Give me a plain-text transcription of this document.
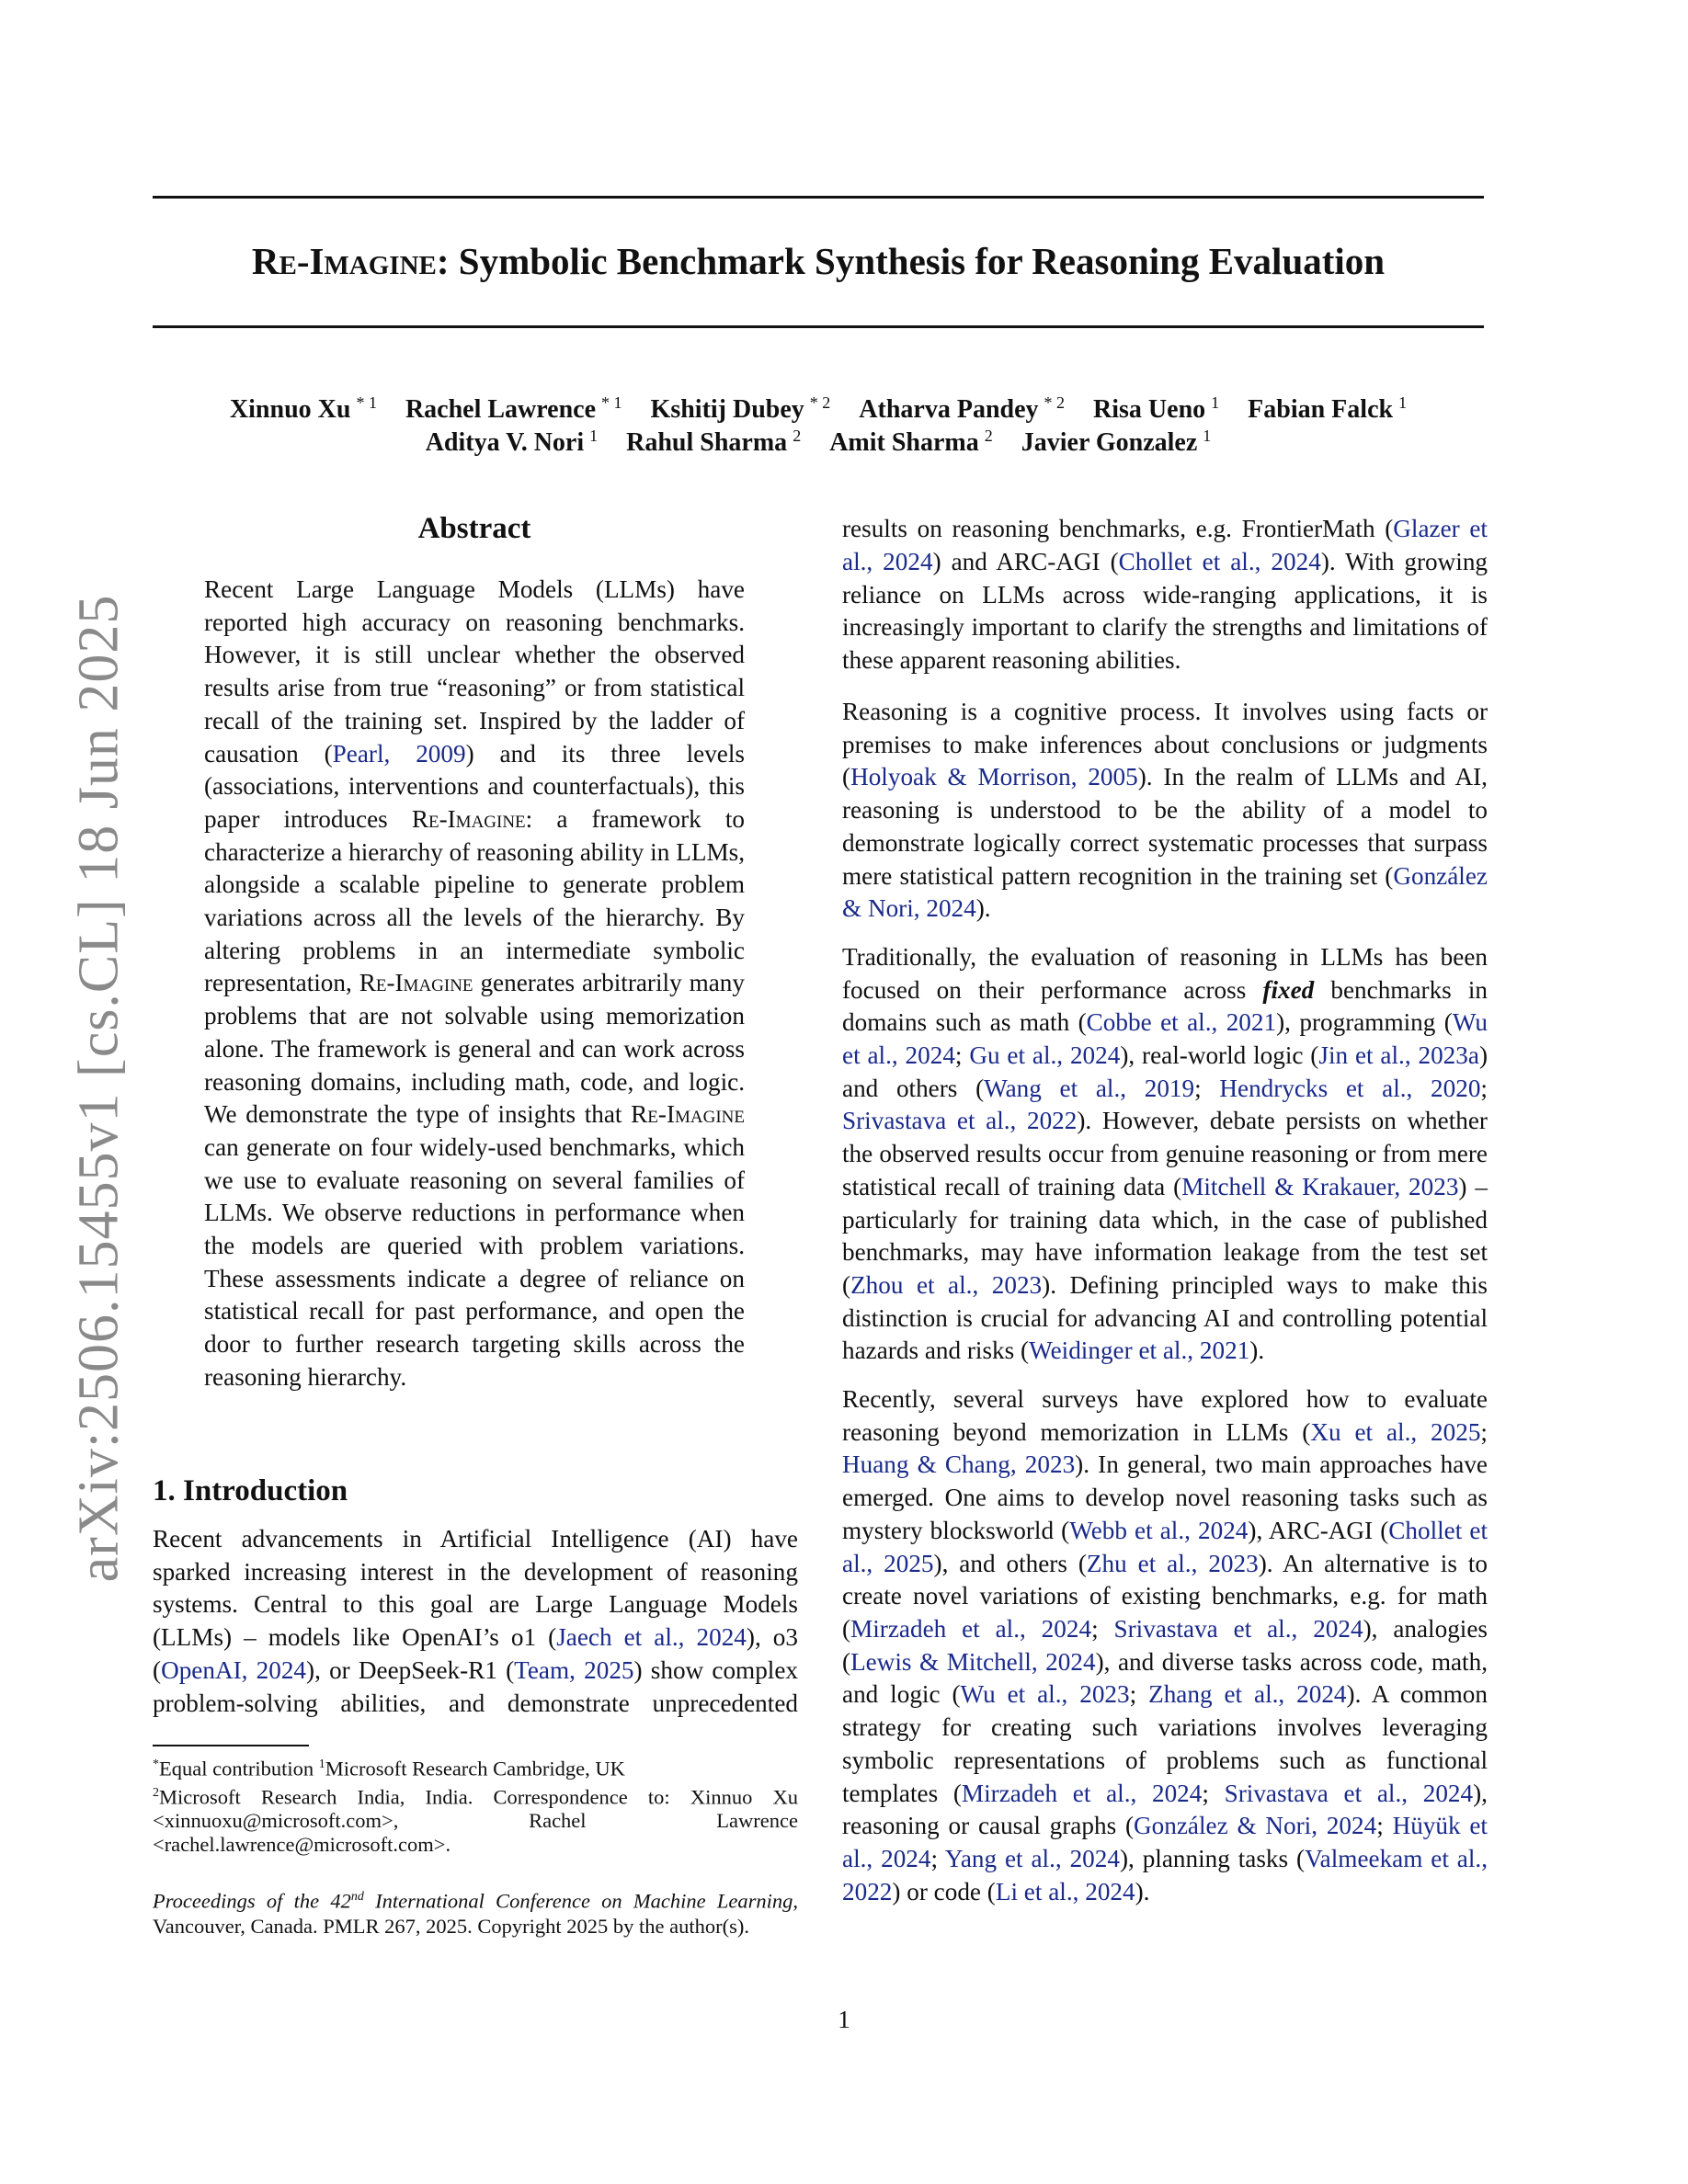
arXiv:2506.15455v1 [cs.CL] 18 Jun 2025
Re-Imagine: Symbolic Benchmark Synthesis for Reasoning Evaluation
Xinnuo Xu $^{* 1}$ Rachel Lawrence $^{* 1}$ Kshitij Dubey $^{* 2}$ Atharva Pandey $^{* 2}$ Risa Ueno $^1$ Fabian Falck $^1$
Aditya V. Nori $^1$ Rahul Sharma $^2$ Amit Sharma $^2$ Javier Gonzalez $^1$
Abstract

Recent Large Language Models (LLMs) have reported high accuracy on reasoning benchmarks. However, it is still unclear whether the observed results arise from true “reasoning” or from statistical recall of the training set. Inspired by the ladder of causation (Pearl, 2009) and its three levels (associations, interventions and counterfactuals), this paper introduces Re-Imagine: a framework to characterize a hierarchy of reasoning ability in LLMs, alongside a scalable pipeline to generate problem variations across all the levels of the hierarchy. By altering problems in an intermediate symbolic representation, Re-Imagine generates arbitrarily many problems that are not solvable using memorization alone. The framework is general and can work across reasoning domains, including math, code, and logic. We demonstrate the type of insights that Re-Imagine can generate on four widely-used benchmarks, which we use to evaluate reasoning on several families of LLMs. We observe reductions in performance when the models are queried with problem variations. These assessments indicate a degree of reliance on statistical recall for past performance, and open the door to further research targeting skills across the reasoning hierarchy.

1. Introduction

Recent advancements in Artificial Intelligence (AI) have sparked increasing interest in the development of reasoning systems. Central to this goal are Large Language Models (LLMs) – models like OpenAI’s o1 (Jaech et al., 2024), o3 (OpenAI, 2024), or DeepSeek-R1 (Team, 2025) show complex problem-solving abilities, and demonstrate unprecedented

*Equal contribution $^1$Microsoft Research Cambridge, UK
$^2$Microsoft Research India, India. Correspondence to: Xinnuo Xu <xinnuoxu@microsoft.com>, Rachel Lawrence <rachel.lawrence@microsoft.com>.
Proceedings of the 42nd International Conference on Machine Learning, Vancouver, Canada. PMLR 267, 2025. Copyright 2025 by the author(s).

results on reasoning benchmarks, e.g. FrontierMath (Glazer et al., 2024) and ARC-AGI (Chollet et al., 2024). With growing reliance on LLMs across wide-ranging applications, it is increasingly important to clarify the strengths and limitations of these apparent reasoning abilities.

Reasoning is a cognitive process. It involves using facts or premises to make inferences about conclusions or judgments (Holyoak & Morrison, 2005). In the realm of LLMs and AI, reasoning is understood to be the ability of a model to demonstrate logically correct systematic processes that surpass mere statistical pattern recognition in the training set (González & Nori, 2024).

Traditionally, the evaluation of reasoning in LLMs has been focused on their performance across fixed benchmarks in domains such as math (Cobbe et al., 2021), programming (Wu et al., 2024; Gu et al., 2024), real-world logic (Jin et al., 2023a) and others (Wang et al., 2019; Hendrycks et al., 2020; Srivastava et al., 2022). However, debate persists on whether the observed results occur from genuine reasoning or from mere statistical recall of training data (Mitchell & Krakauer, 2023) – particularly for training data which, in the case of published benchmarks, may have information leakage from the test set (Zhou et al., 2023). Defining principled ways to make this distinction is crucial for advancing AI and controlling potential hazards and risks (Weidinger et al., 2021).

Recently, several surveys have explored how to evaluate reasoning beyond memorization in LLMs (Xu et al., 2025; Huang & Chang, 2023). In general, two main approaches have emerged. One aims to develop novel reasoning tasks such as mystery blocksworld (Webb et al., 2024), ARC-AGI (Chollet et al., 2025), and others (Zhu et al., 2023). An alternative is to create novel variations of existing benchmarks, e.g. for math (Mirzadeh et al., 2024; Srivastava et al., 2024), analogies (Lewis & Mitchell, 2024), and diverse tasks across code, math, and logic (Wu et al., 2023; Zhang et al., 2024). A common strategy for creating such variations involves leveraging symbolic representations of problems such as functional templates (Mirzadeh et al., 2024; Srivastava et al., 2024), reasoning or causal graphs (González & Nori, 2024; Hüyük et al., 2024; Yang et al., 2024), planning tasks (Valmeekam et al., 2022) or code (Li et al., 2024).

1
